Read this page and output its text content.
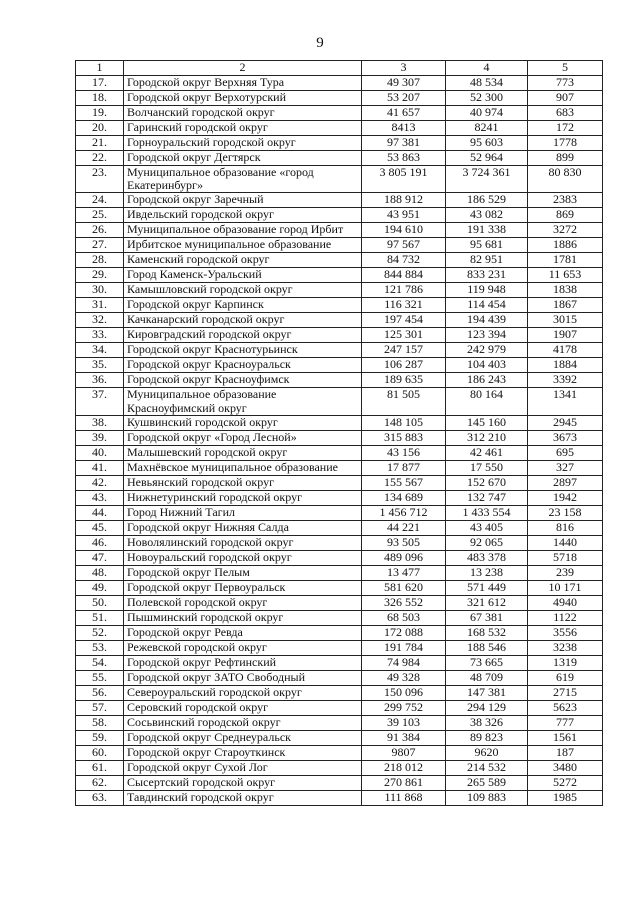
9
1	2	3	4	5
17.	Городской округ Верхняя Тура	49 307	48 534	773
18.	Городской округ Верхотурский	53 207	52 300	907
19.	Волчанский городской округ	41 657	40 974	683
20.	Гаринский городской округ	8413	8241	172
21.	Горноуральский городской округ	97 381	95 603	1778
22.	Городской округ Дегтярск	53 863	52 964	899
23.	Муниципальное образование «город Екатеринбург»	3 805 191	3 724 361	80 830
24.	Городской округ Заречный	188 912	186 529	2383
25.	Ивдельский городской округ	43 951	43 082	869
26.	Муниципальное образование город Ирбит	194 610	191 338	3272
27.	Ирбитское муниципальное образование	97 567	95 681	1886
28.	Каменский городской округ	84 732	82 951	1781
29.	Город Каменск-Уральский	844 884	833 231	11 653
30.	Камышловский городской округ	121 786	119 948	1838
31.	Городской округ Карпинск	116 321	114 454	1867
32.	Качканарский городской округ	197 454	194 439	3015
33.	Кировградский городской округ	125 301	123 394	1907
34.	Городской округ Краснотурьинск	247 157	242 979	4178
35.	Городской округ Красноуральск	106 287	104 403	1884
36.	Городской округ Красноуфимск	189 635	186 243	3392
37.	Муниципальное образование Красноуфимский округ	81 505	80 164	1341
38.	Кушвинский городской округ	148 105	145 160	2945
39.	Городской округ «Город Лесной»	315 883	312 210	3673
40.	Малышевский городской округ	43 156	42 461	695
41.	Махнёвское муниципальное образование	17 877	17 550	327
42.	Невьянский городской округ	155 567	152 670	2897
43.	Нижнетуринский городской округ	134 689	132 747	1942
44.	Город Нижний Тагил	1 456 712	1 433 554	23 158
45.	Городской округ Нижняя Салда	44 221	43 405	816
46.	Новолялинский городской округ	93 505	92 065	1440
47.	Новоуральский городской округ	489 096	483 378	5718
48.	Городской округ Пелым	13 477	13 238	239
49.	Городской округ Первоуральск	581 620	571 449	10 171
50.	Полевской городской округ	326 552	321 612	4940
51.	Пышминский городской округ	68 503	67 381	1122
52.	Городской округ Ревда	172 088	168 532	3556
53.	Режевской городской округ	191 784	188 546	3238
54.	Городской округ Рефтинский	74 984	73 665	1319
55.	Городской округ ЗАТО Свободный	49 328	48 709	619
56.	Североуральский городской округ	150 096	147 381	2715
57.	Серовский городской округ	299 752	294 129	5623
58.	Сосьвинский городской округ	39 103	38 326	777
59.	Городской округ Среднеуральск	91 384	89 823	1561
60.	Городской округ Староуткинск	9807	9620	187
61.	Городской округ Сухой Лог	218 012	214 532	3480
62.	Сысертский городской округ	270 861	265 589	5272
63.	Тавдинский городской округ	111 868	109 883	1985
